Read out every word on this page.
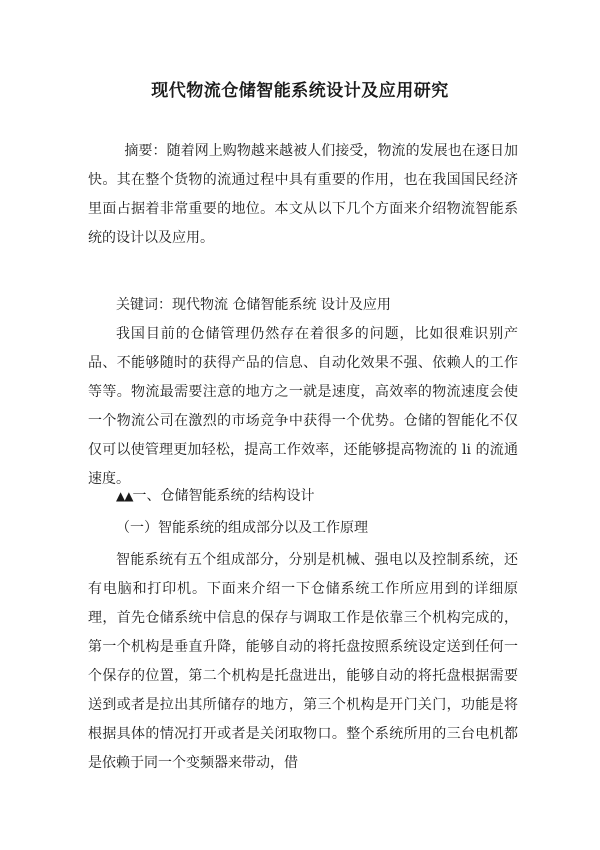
现代物流仓储智能系统设计及应用研究

摘要：随着网上购物越来越被人们接受，物流的发展也在逐日加快。其在整个货物的流通过程中具有重要的作用，也在我国国民经济里面占据着非常重要的地位。本文从以下几个方面来介绍物流智能系统的设计以及应用。

关键词：现代物流 仓储智能系统 设计及应用

我国目前的仓储管理仍然存在着很多的问题，比如很难识别产品、不能够随时的获得产品的信息、自动化效果不强、依赖人的工作等等。物流最需要注意的地方之一就是速度，高效率的物流速度会使一个物流公司在激烈的市场竞争中获得一个优势。仓储的智能化不仅仅可以使管理更加轻松，提高工作效率，还能够提高物流的 li 的流通速度。

▲▲一、仓储智能系统的结构设计

（一）智能系统的组成部分以及工作原理

智能系统有五个组成部分，分别是机械、强电以及控制系统，还有电脑和打印机。下面来介绍一下仓储系统工作所应用到的详细原理，首先仓储系统中信息的保存与调取工作是依靠三个机构完成的，第一个机构是垂直升降，能够自动的将托盘按照系统设定送到任何一个保存的位置，第二个机构是托盘进出，能够自动的将托盘根据需要送到或者是拉出其所储存的地方，第三个机构是开门关门，功能是将根据具体的情况打开或者是关闭取物口。整个系统所用的三台电机都是依赖于同一个变频器来带动，借
